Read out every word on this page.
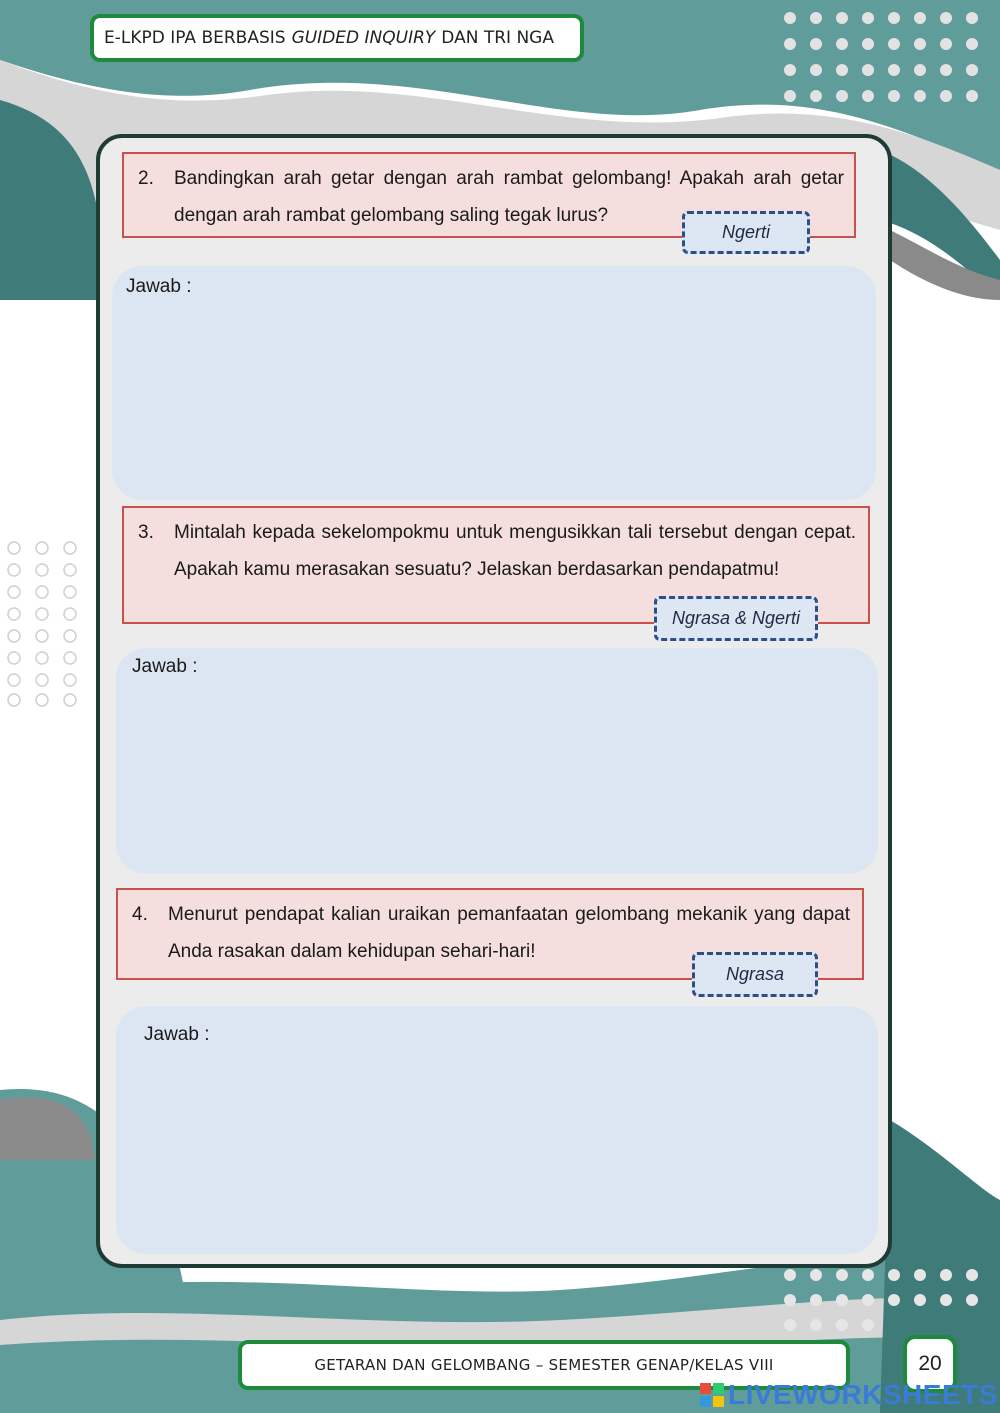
E-LKPD IPA BERBASIS GUIDED INQUIRY DAN TRI NGA
2. Bandingkan arah getar dengan arah rambat gelombang! Apakah arah getar dengan arah rambat gelombang saling tegak lurus?
Ngerti
Jawab :
3. Mintalah kepada sekelompokmu untuk mengusikkan tali tersebut dengan cepat. Apakah kamu merasakan sesuatu? Jelaskan berdasarkan pendapatmu!
Ngrasa & Ngerti
Jawab :
4. Menurut pendapat kalian uraikan pemanfaatan gelombang mekanik yang dapat Anda rasakan dalam kehidupan sehari-hari!
Ngrasa
Jawab :
GETARAN DAN GELOMBANG – SEMESTER GENAP/KELAS VIII	20
LIVEWORKSHEETS
